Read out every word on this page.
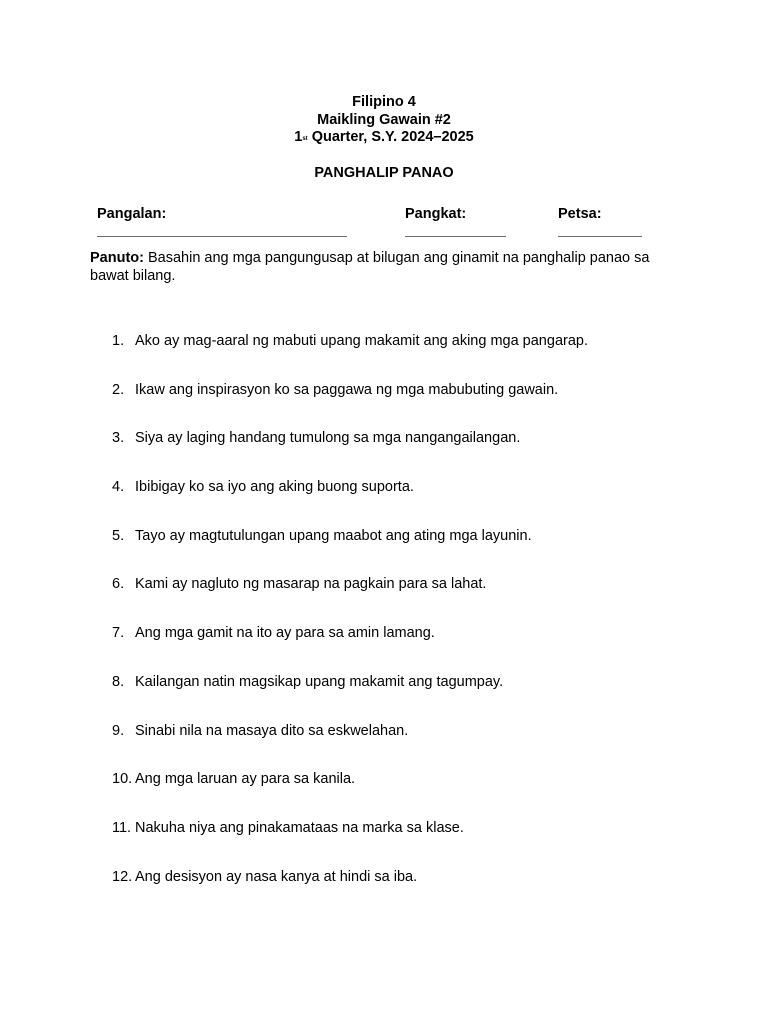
Filipino 4
Maikling Gawain #2
1st Quarter, S.Y. 2024–2025
PANGHALIP PANAO
Pangalan:	Pangkat:	Petsa:
Panuto: Basahin ang mga pangungusap at bilugan ang ginamit na panghalip panao sa bawat bilang.
1. Ako ay mag-aaral ng mabuti upang makamit ang aking mga pangarap.
2. Ikaw ang inspirasyon ko sa paggawa ng mga mabubuting gawain.
3. Siya ay laging handang tumulong sa mga nangangailangan.
4. Ibibigay ko sa iyo ang aking buong suporta.
5. Tayo ay magtutulungan upang maabot ang ating mga layunin.
6. Kami ay nagluto ng masarap na pagkain para sa lahat.
7. Ang mga gamit na ito ay para sa amin lamang.
8. Kailangan natin magsikap upang makamit ang tagumpay.
9. Sinabi nila na masaya dito sa eskwelahan.
10. Ang mga laruan ay para sa kanila.
11. Nakuha niya ang pinakamataas na marka sa klase.
12. Ang desisyon ay nasa kanya at hindi sa iba.
